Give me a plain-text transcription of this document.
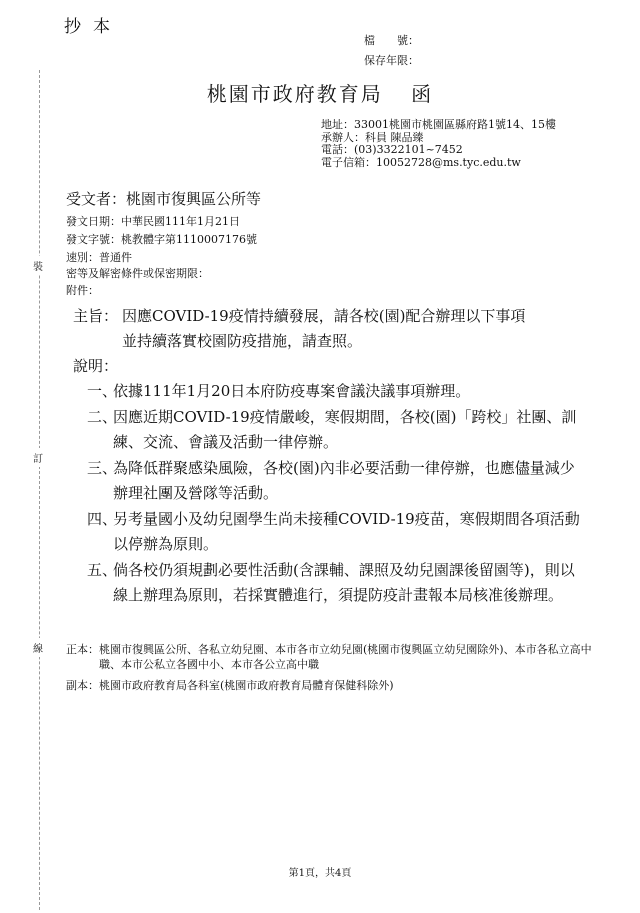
抄本
檔　　號：
保存年限：
裝
訂
線
桃園市政府教育局 函
地址： 33001桃園市桃園區縣府路1號14、15樓
承辦人： 科員 陳品臻
電話： (03)3322101~7452
電子信箱： 10052728@ms.tyc.edu.tw
受文者：桃園市復興區公所等
發文日期：中華民國111年1月21日
發文字號：桃教體字第1110007176號
速別：普通件
密等及解密條件或保密期限：
附件：
主旨： 因應COVID-19疫情持續發展，請各校(園)配合辦理以下事項
並持續落實校園防疫措施，請查照。
說明：
一、
依據111年1月20日本府防疫專案會議決議事項辦理。
二、
因應近期COVID-19疫情嚴峻，寒假期間，各校(園)「跨校」社團、訓練、交流、會議及活動一律停辦。
三、
為降低群聚感染風險，各校(園)內非必要活動一律停辦，也應儘量減少辦理社團及營隊等活動。
四、
另考量國小及幼兒園學生尚未接種COVID-19疫苗，寒假期間各項活動以停辦為原則。
五、
倘各校仍須規劃必要性活動(含課輔、課照及幼兒園課後留園等)，則以線上辦理為原則，若採實體進行，須提防疫計畫報本局核准後辦理。
正本： 桃園市復興區公所、各私立幼兒園、本市各市立幼兒園(桃園市復興區立幼兒園除外)、本市各私立高中職、本市公私立各國中小、本市各公立高中職
副本： 桃園市政府教育局各科室(桃園市政府教育局體育保健科除外)
第1頁，共4頁
